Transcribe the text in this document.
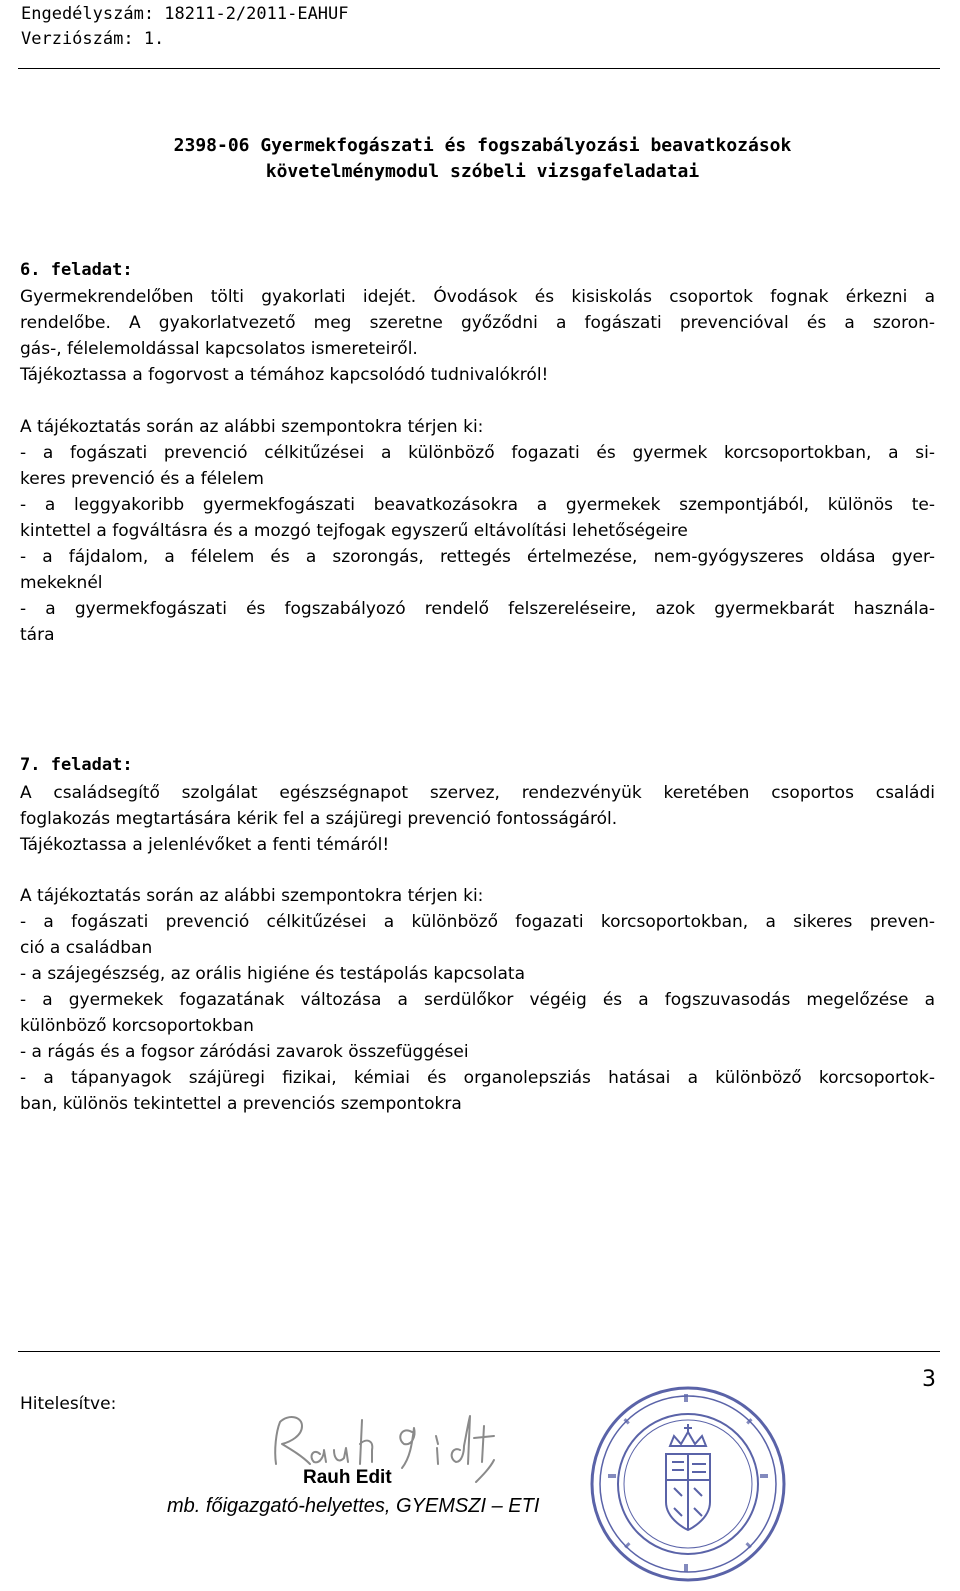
Engedélyszám: 18211-2/2011-EAHUF
Verziószám: 1.
2398-06 Gyermekfogászati és fogszabályozási beavatkozások
követelménymodul szóbeli vizsgafeladatai
6. feladat:
Gyermekrendelőben tölti gyakorlati idejét. Óvodások és kisiskolás csoportok fognak érkezni a
rendelőbe. A gyakorlatvezető meg szeretne győződni a fogászati prevencióval és a szoron-
gás-, félelemoldással kapcsolatos ismereteiről.
Tájékoztassa a fogorvost a témához kapcsolódó tudnivalókról!
A tájékoztatás során az alábbi szempontokra térjen ki:
- a fogászati prevenció célkitűzései a különböző fogazati és gyermek korcsoportokban, a si-
keres prevenció és a félelem
- a leggyakoribb gyermekfogászati beavatkozásokra a gyermekek szempontjából, különös te-
kintettel a fogváltásra és a mozgó tejfogak egyszerű eltávolítási lehetőségeire
- a fájdalom, a félelem és a szorongás, rettegés értelmezése, nem-gyógyszeres oldása gyer-
mekeknél
- a gyermekfogászati és fogszabályozó rendelő felszereléseire, azok gyermekbarát használa-
tára
7. feladat:
A családsegítő szolgálat egészségnapot szervez, rendezvényük keretében csoportos családi
foglakozás megtartására kérik fel a szájüregi prevenció fontosságáról.
Tájékoztassa a jelenlévőket a fenti témáról!
A tájékoztatás során az alábbi szempontokra térjen ki:
- a fogászati prevenció célkitűzései a különböző fogazati korcsoportokban, a sikeres preven-
ció a családban
- a szájegészség, az orális higiéne és testápolás kapcsolata
- a gyermekek fogazatának változása a serdülőkor végéig és a fogszuvasodás megelőzése a
különböző korcsoportokban
- a rágás és a fogsor záródási zavarok összefüggései
- a tápanyagok szájüregi fizikai, kémiai és organolepsziás hatásai a különböző korcsoportok-
ban, különös tekintettel a prevenciós szempontokra
3
Hitelesítve:
Rauh Edit
mb. főigazgató-helyettes, GYEMSZI – ETI
